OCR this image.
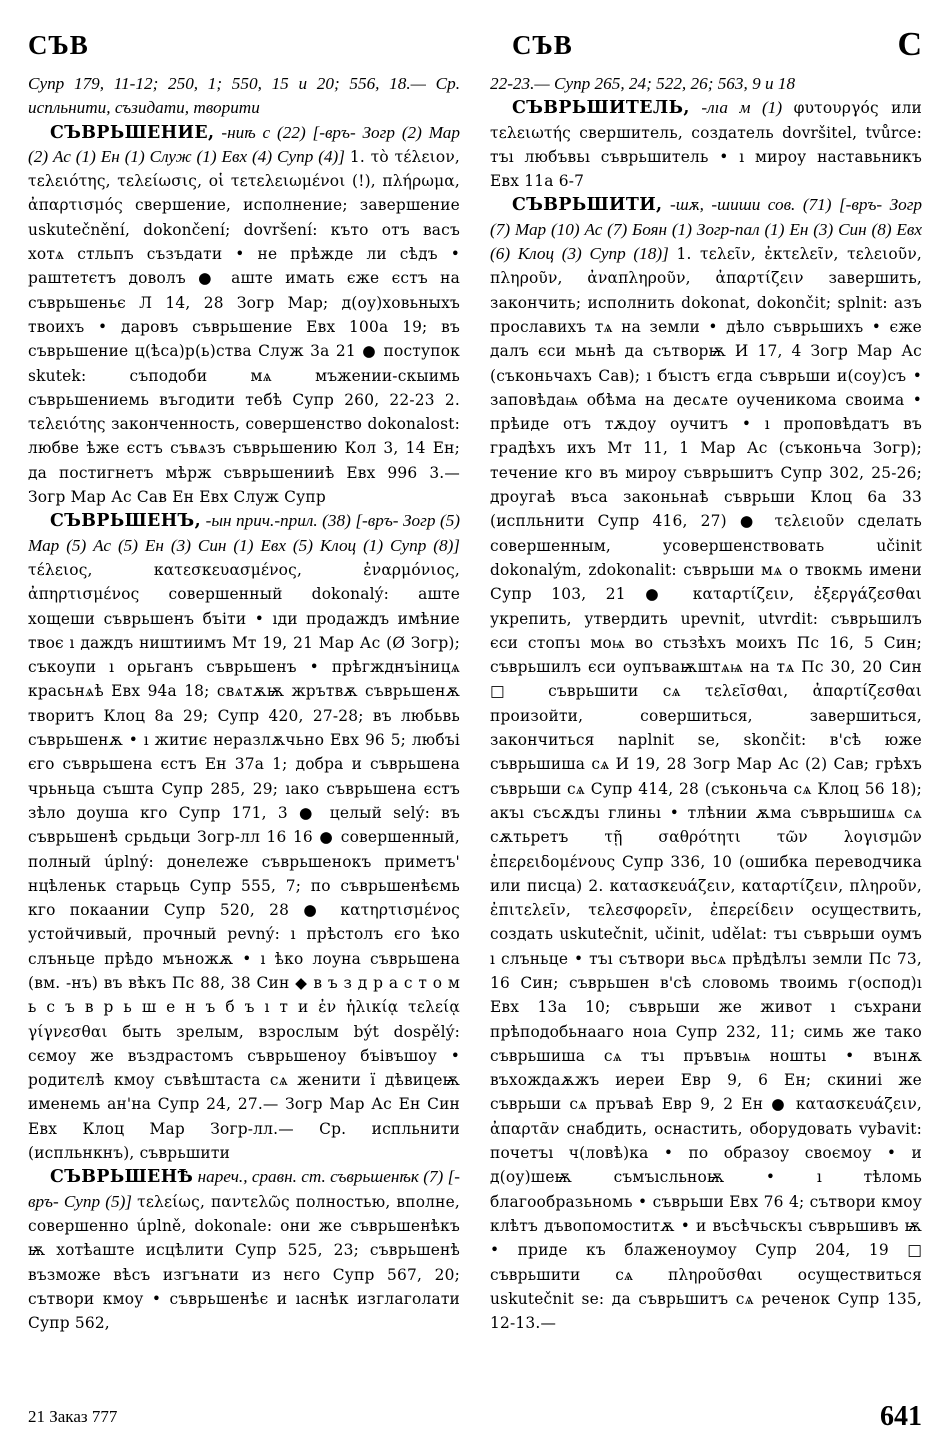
СЪВ	СЪВ	С

Супр 179, 11-12; 250, 1; 550, 15 и 20; 556, 18.— Ср. испльнити, съзидати, творити

СЪВРЬШЕНИЕ, -ниѣ с (22) [-връ- Зогр (2) Мар (2) Ас (1) Ен (1) Служ (1) Евх (4) Супр (4)] 1. τὸ τέλειον, τελειότης, τελείωσις, οἱ τετελειωμένοι (!), πλήρωμα, ἀπαρτισμός свершение, исполнение; завершение uskutečnění, dokončení; dovršení: кътo отъ васъ хотѧ стльпъ съзъдати • не прѣжде ли сѣдъ • раштетєтъ доволъ ● аште имать єже єстъ на съврьшеньє Л 14, 28 Зогр Мар; д(оу)ховьныхъ твоихъ • даровъ съврьшение Евх 100а 19; въ съврьшение ц(ѣса)р(ь)ства Служ 3а 21 ● поступок skutek: съподоби мѧ мъжении-скыимь съврьшениемь въгодити тебѣ Супр 260, 22-23 2. τελειότης законченность, совершенство dokonalost: любве ѣже єстъ съвѧзъ съврьшению Кол 3, 14 Ен; да постигнетъ мѣрж съврьшенииѣ Евх 996 3.— Зогр Мар Ас Сав Ен Евх Служ Супр

СЪВРЬШЕНЪ, -ын прич.-прил. (38) [-връ- Зогр (5) Мар (5) Ас (5) Ен (3) Син (1) Евх (5) Клоц (1) Супр (8)] τέλειος, κατεσκευασμένος, ἐναρμόνιος, ἀπηρτισμένος совершенный dokonalý: аште хощеши съврьшенъ бъіти • ıди продаждъ имѣние твоє ı даждъ ништиимъ Мт 19, 21 Мар Ас (Ø Зогр); съкоупи ı орьганъ съврьшенъ • прѣгжднъіницѧ красьнѧѣ Евх 94а 18; свѧтѫѭ жрътвѫ съврьшенѫ творитъ Клоц 8а 29; Супр 420, 27-28; въ любьвь съврьшенѫ • ı житиє неразлѫчьно Евх 96 5; любъі єго съврьшена єстъ Ен 37а 1; добра и съврьшена чрьньца съшта Супр 285, 29; ıако съврьшена єстъ зѣло доуша кго Супр 171, 3 ● целый selý: въ съврьшенѣ срьдьци Зогр-лл 16 16 ● совершенный, полный úplný: донележе съврьшенокъ приметъ' нцѣленьк старьць Супр 555, 7; по съврьшенѣємь кго покаании Супр 520, 28 ● κατηρτισμένος устойчивый, прочный pevný: ı прѣстолъ єго ѣко слъньце прѣдо мъножѫ • ı ѣко лоуна съврьшена (вм. -нъ) въ вѣкъ Пс 88, 38 Син ◆ в ъ з д р а с т о м ь с ъ в р ь ш е н ъ б ъ ı т и ἐν ἡλικίᾳ τελείᾳ γίγνεσθαι быть зрелым, взрослым být dospělý: сємоу же въздрастомъ съврьшеноу бъівъшоу • родитєлѣ кмоу съвѣштаста сѧ женити ї дѣвицеѭ именемь ан'на Супр 24, 27.— Зогр Мар Ас Ен Син Евх Клоц Мар Зогр-лл.— Ср. испльнити (испльнкнъ), съврьшити

СЪВРЬШЕНѢ нареч., сравн. ст. съврьшенѣк (7) [-връ- Супр (5)] τελείως, παντελῶς полностью, вполне, совершенно úplně, dokonale: они же съврьшенѣкъ ѭ хотѣаште исцѣлити Супр 525, 23; съврьшенѣ възможе вѣсъ изгънати из нєго Супр 567, 20; сътвори кмоу • съврьшенѣє и ıаснѣк изглаголати Супр 562,

22-23.— Супр 265, 24; 522, 26; 563, 9 и 18

СЪВРЬШИТЕЛЬ, -лıа м (1) φυτουργός или τελειωτής свершитель, создатель dovršitel, tvůrce: тъı любъвьı съврьшитель • ı мироу наставьникъ Евх 11а 6-7

СЪВРЬШИТИ, -шѫ, -шиши сов. (71) [-връ- Зогр (7) Мар (10) Ас (7) Боян (1) Зогр-пал (1) Ен (3) Син (8) Евх (6) Клоц (3) Супр (18)] 1. τελεῖν, ἐκτελεῖν, τελειοῦν, πληροῦν, ἀναπληροῦν, ἀπαρτίζειν завершить, закончить; исполнить dokonat, dokončit; splnit: азъ прославихъ тѧ на земли • дѣло съврьшихъ • єже далъ єси мьнѣ да сътворѭ И 17, 4 Зогр Мар Ас (съконьчахъ Сав); ı бъıстъ єгда съврьши и(соу)съ • заповѣдаѩ обѣма на десѧте оученикома своима • прѣиде отъ тѫдоу оучитъ • ı проповѣдатъ въ градѣхъ ихъ Мт 11, 1 Мар Ас (съконьча Зогр); течение кго въ мироу съврьшитъ Супр 302, 25-26; дроугаѣ въса законьнаѣ съврьши Клоц 6а 33 (испльнити Супр 416, 27) ● τελειοῦν сделать совершенным, усовершенствовать učinit dokonalým, zdokonalit: съврьши мѧ о твокмь имени Супр 103, 21 ● καταρτίζειν, ἐξεργάζεσθαι укрепить, утвердить upevnit, utvrdit: съврьшилъ єси стопъı моѩ во стьзѣхъ моихъ Пс 16, 5 Син; съврьшилъ єси оупъваѭштѧѩ на тѧ Пс 30, 20 Син □ съврьшити сѧ τελεῖσθαι, ἀπαρτίζεσθαι произойти, совершиться, завершиться, закончиться naplnit se, skončit: в'сѣ юже съврьшиша сѧ И 19, 28 Зогр Мар Ас (2) Сав; грѣхъ съврьши сѧ Супр 414, 28 (съконьча сѧ Клоц 56 18); акъı съсѫдъı глиньı • тлѣнии ѫма съврьшишѧ сѧ сѫтьретъ τῇ σαθρότητι τῶν λογισμῶν ἐπερειδομένους Супр 336, 10 (ошибка переводчика или писца) 2. κατασκευάζειν, καταρτίζειν, πληροῦν, ἐπιτελεῖν, τελεσφορεῖν, ἐπερείδειν осуществить, создать uskutečnit, učinit, udělat: тъı съврьши оумъ ı слъньце • тъı сътвори вьсѧ прѣдѣлъı земли Пс 73, 16 Син; съврьшен в'сѣ словомь твоимь г(оспод)ı Евх 13а 10; съврьши же живот ı съхрани прѣподобьнааго ноıа Супр 232, 11; симь же тако съврьшиша сѧ тъı пръвъıѩ ноштьı • въıнѫ въхождаѫжъ иереи Евр 9, 6 Ен; скиниі же съврьши сѧ пръваѣ Евр 9, 2 Ен ● κατασκευάζειν, ἀπαρτᾶν снабдить, оснастить, оборудовать vybavit: почетъı ч(ловѣ)ка • по образоу своємоу • и д(оу)шеѭ съмъıсльноѭ • ı тѣломь благообразьномь • съврьши Евх 76 4; сътвори кмоу клѣтъ дъвопомоститѫ • и въсѣчьскъı съврьшивъ ѭ • приде къ блаженоумоу Супр 204, 19 □ съврьшити сѧ πληροῦσθαι осуществиться uskutečnit se: да съврьшитъ сѧ реченок Супр 135, 12-13.—

21 Заказ 777	641
